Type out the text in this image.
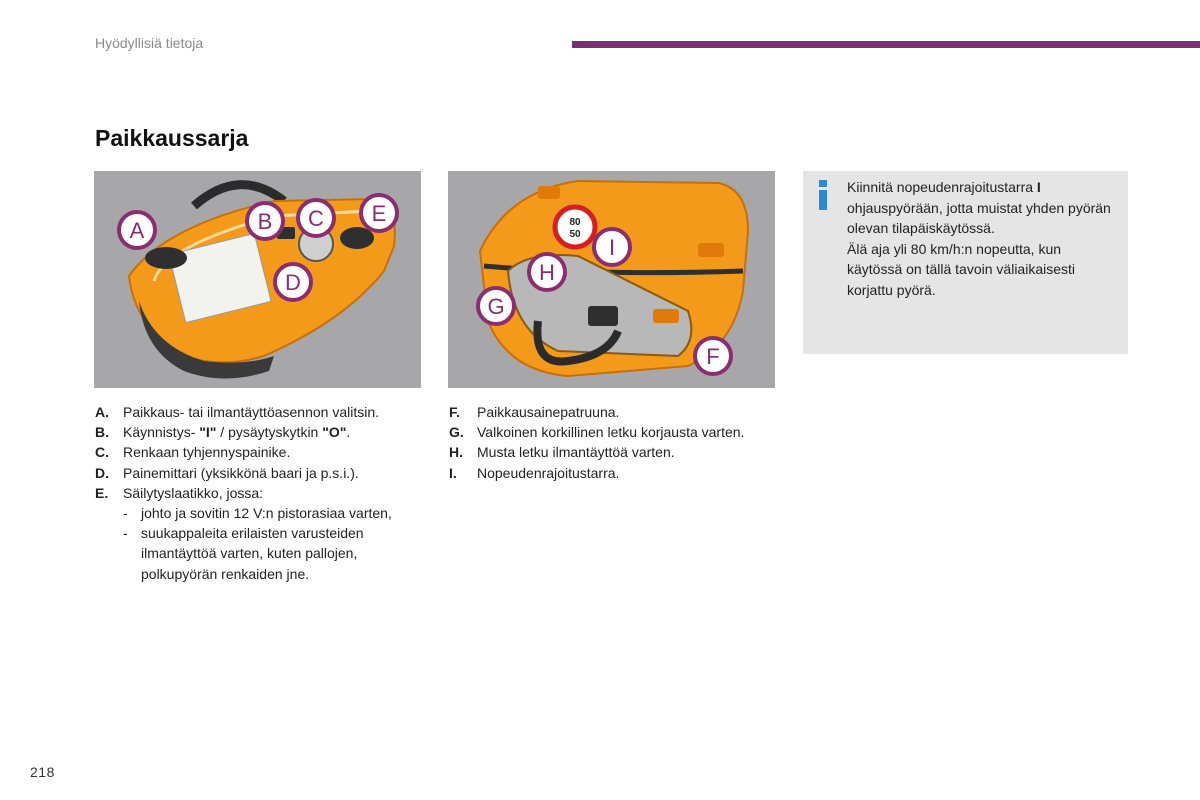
Hyödyllisiä tietoja
Paikkaussarja
A	B C
D
E	80
50
F
G
H
I
Kiinnitä nopeudenrajoitustarra I ohjauspyörään, jotta muistat yhden pyörän olevan tilapäiskäytössä.
Älä aja yli 80 km/h:n nopeutta, kun käytössä on tällä tavoin väliaikaisesti korjattu pyörä.
A. Paikkaus- tai ilmantäyttöasennon valitsin.
B. Käynnistys- "I" / pysäytyskytkin "O".
C. Renkaan tyhjennyspainike.
D. Painemittari (yksikkönä baari ja p.s.i.).
E. Säilytyslaatikko, jossa:
- johto ja sovitin 12 V:n pistorasiaa varten,
- suukappaleita erilaisten varusteiden ilmantäyttöä varten, kuten pallojen, polkupyörän renkaiden jne.
F. Paikkausainepatruuna.
G. Valkoinen korkillinen letku korjausta varten.
H. Musta letku ilmantäyttöä varten.
I. Nopeudenrajoitustarra.
218
